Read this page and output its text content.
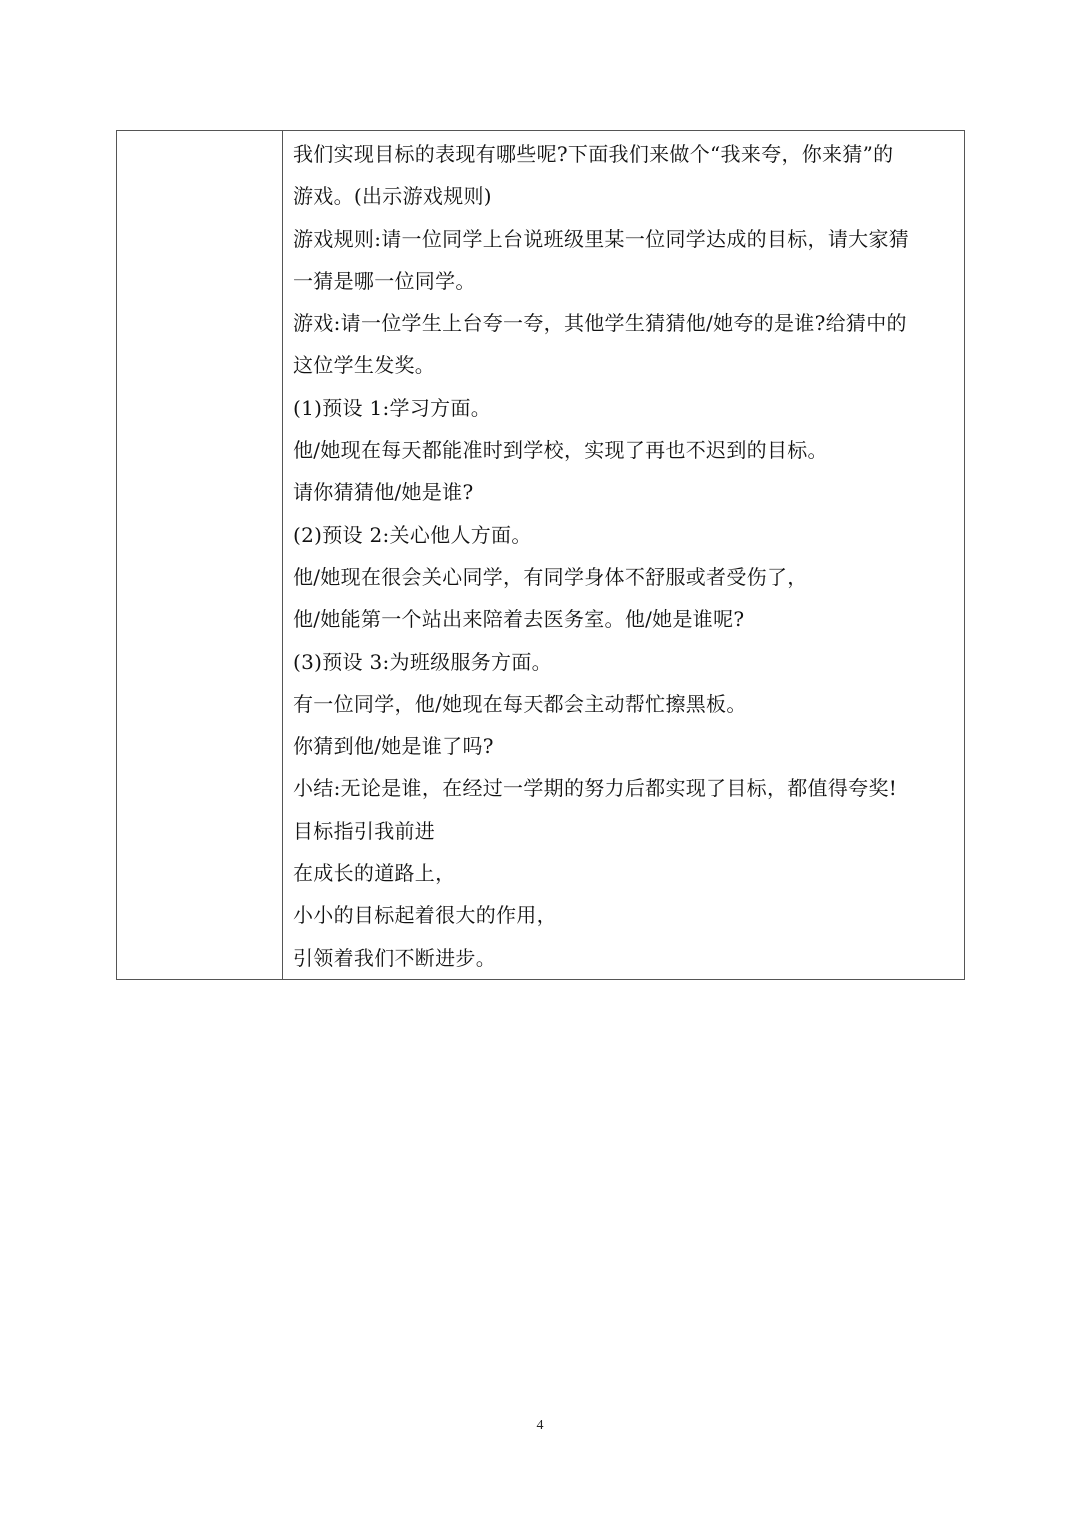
我们实现目标的表现有哪些呢?下面我们来做个“我来夸，你来猜”的
游戏。(出示游戏规则)
游戏规则:请一位同学上台说班级里某一位同学达成的目标，请大家猜
一猜是哪一位同学。
游戏:请一位学生上台夸一夸，其他学生猜猜他/她夸的是谁?给猜中的
这位学生发奖。
(1)预设 1:学习方面。
他/她现在每天都能准时到学校，实现了再也不迟到的目标。
请你猜猜他/她是谁?
(2)预设 2:关心他人方面。
他/她现在很会关心同学，有同学身体不舒服或者受伤了，
他/她能第一个站出来陪着去医务室。他/她是谁呢?
(3)预设 3:为班级服务方面。
有一位同学，他/她现在每天都会主动帮忙擦黑板。
你猜到他/她是谁了吗?
小结:无论是谁，在经过一学期的努力后都实现了目标，都值得夸奖!
目标指引我前进
在成长的道路上，
小小的目标起着很大的作用，
引领着我们不断进步。
4
